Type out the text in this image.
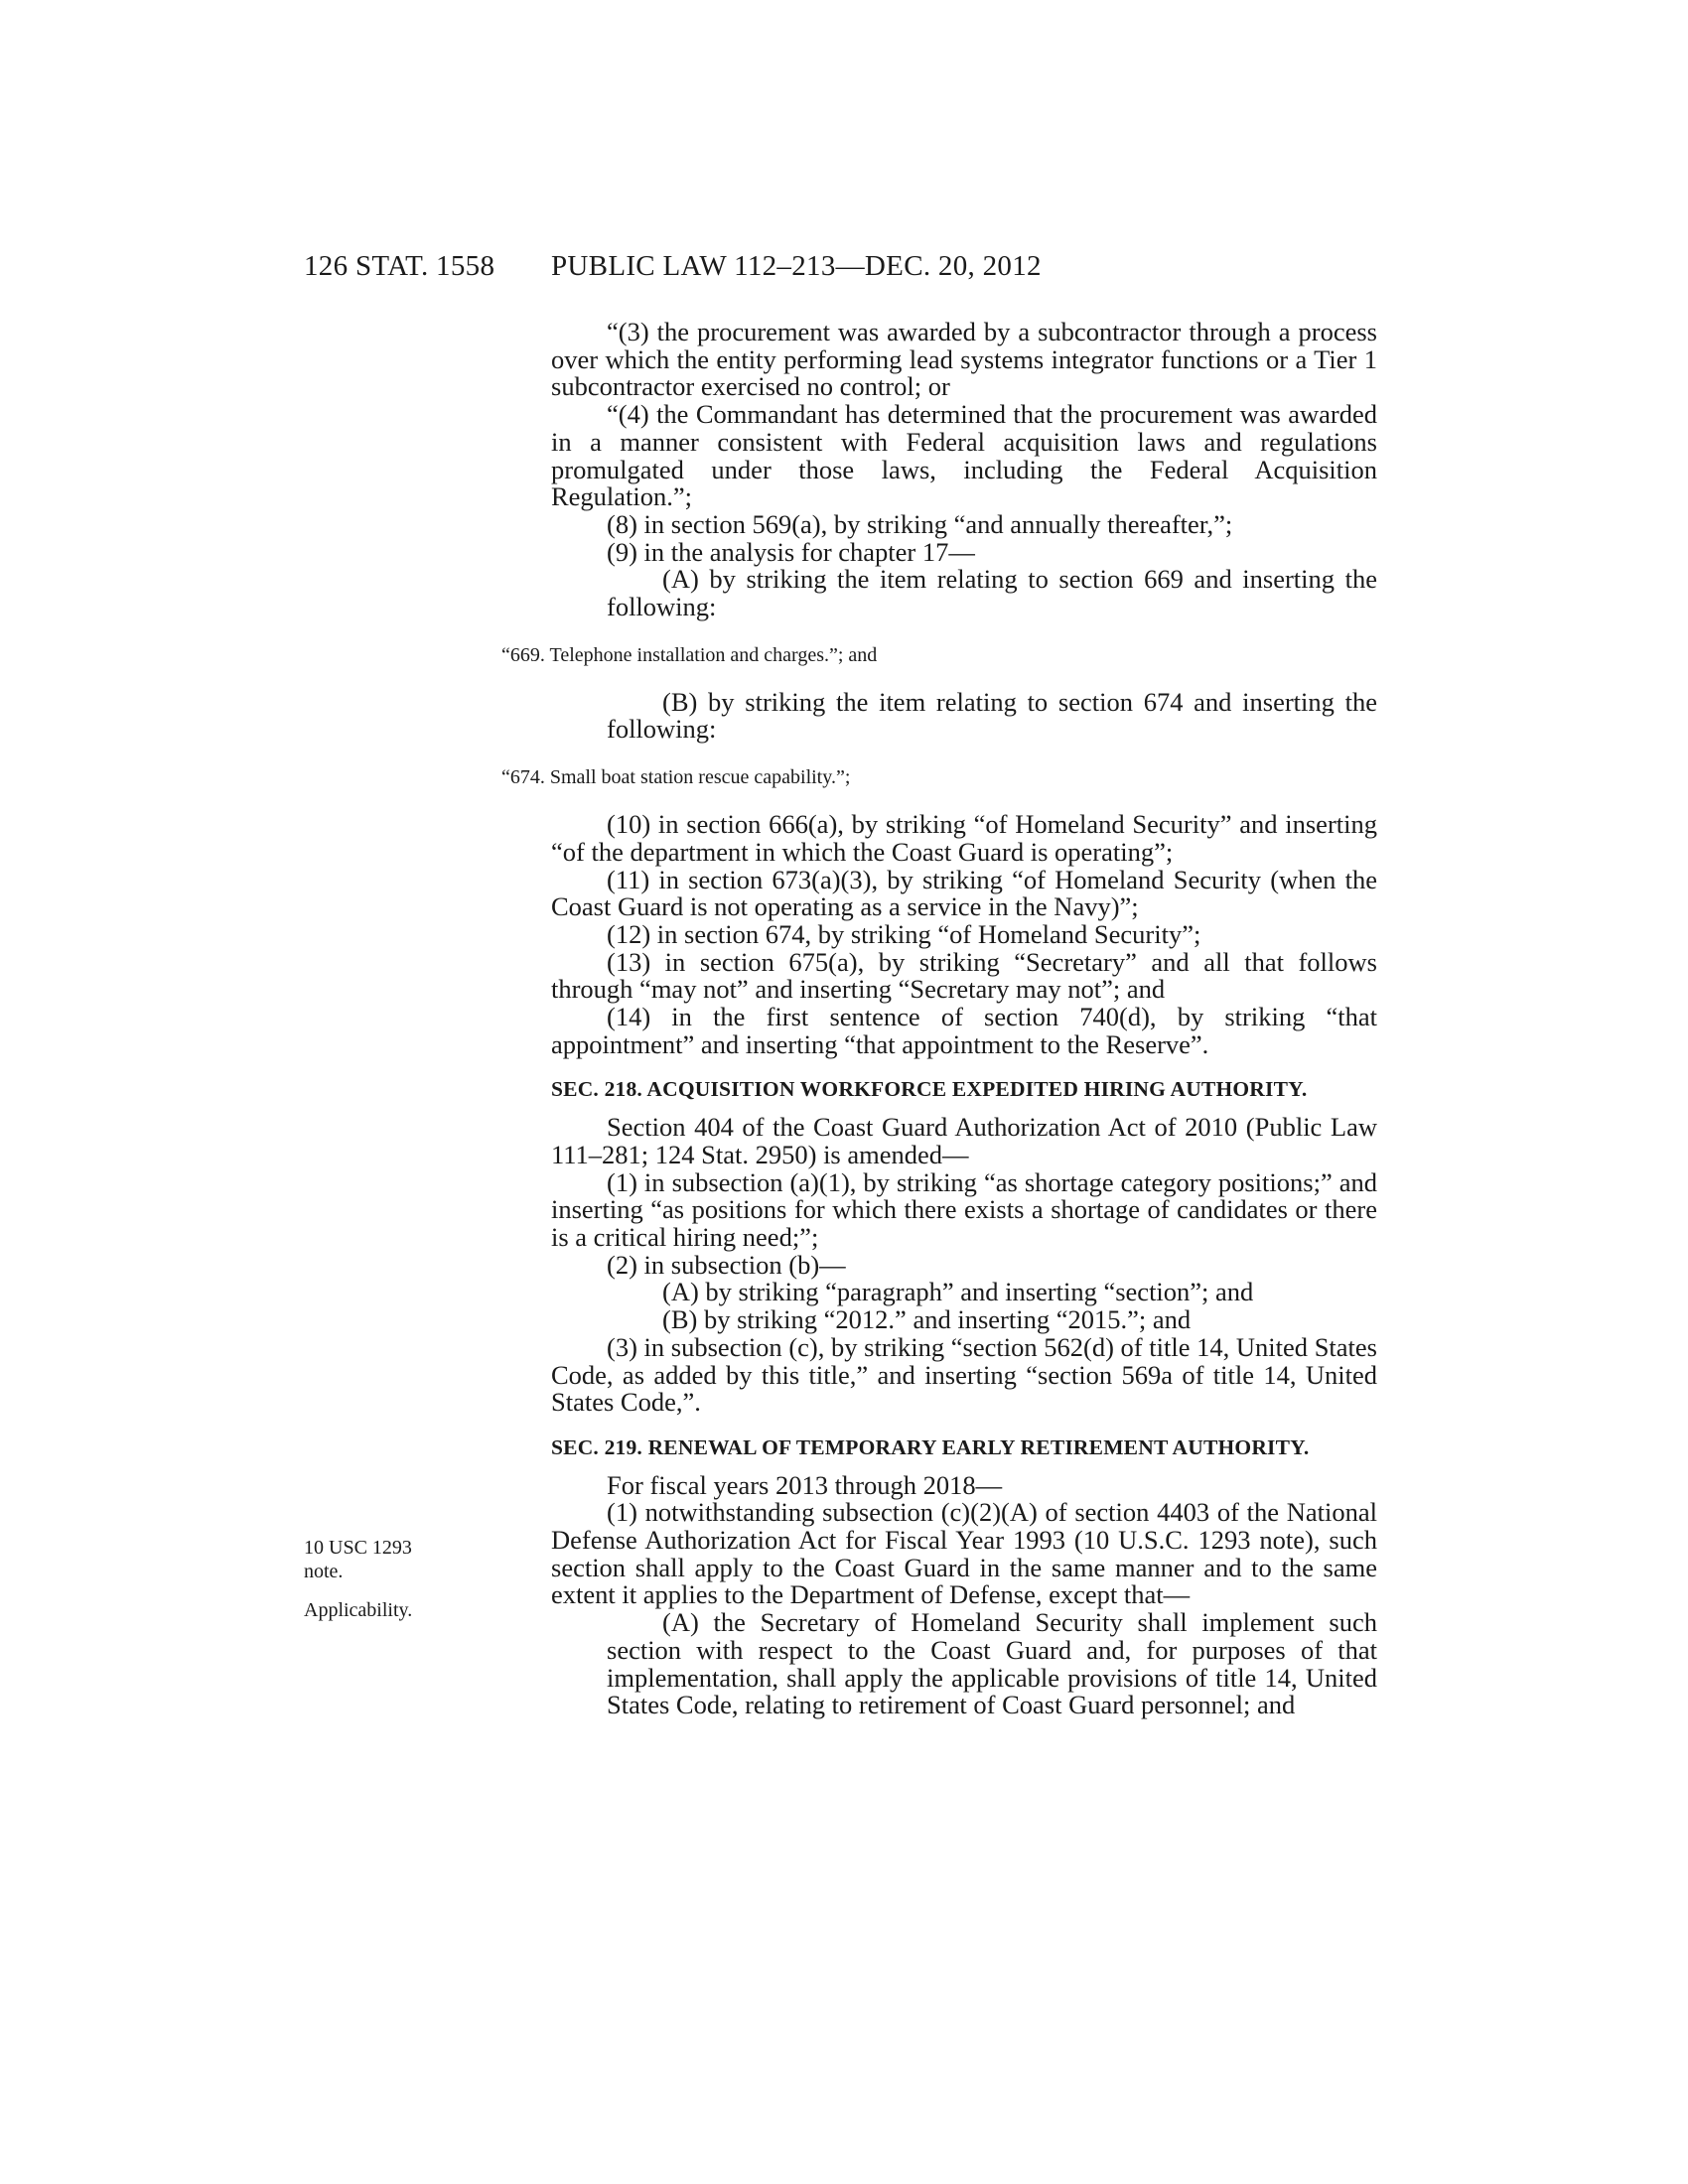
126 STAT. 1558 PUBLIC LAW 112–213—DEC. 20, 2012
10 USC 1293 note.
Applicability.

“(3) the procurement was awarded by a subcontractor through a process over which the entity performing lead systems integrator functions or a Tier 1 subcontractor exercised no control; or

“(4) the Commandant has determined that the procurement was awarded in a manner consistent with Federal acquisition laws and regulations promulgated under those laws, including the Federal Acquisition Regulation.”;

(8) in section 569(a), by striking “and annually thereafter,”;

(9) in the analysis for chapter 17—

(A) by striking the item relating to section 669 and inserting the following:

“669. Telephone installation and charges.”; and

(B) by striking the item relating to section 674 and inserting the following:

“674. Small boat station rescue capability.”;

(10) in section 666(a), by striking “of Homeland Security” and inserting “of the department in which the Coast Guard is operating”;

(11) in section 673(a)(3), by striking “of Homeland Security (when the Coast Guard is not operating as a service in the Navy)”;

(12) in section 674, by striking “of Homeland Security”;

(13) in section 675(a), by striking “Secretary” and all that follows through “may not” and inserting “Secretary may not”; and

(14) in the first sentence of section 740(d), by striking “that appointment” and inserting “that appointment to the Reserve”.

SEC. 218. ACQUISITION WORKFORCE EXPEDITED HIRING AUTHORITY.

Section 404 of the Coast Guard Authorization Act of 2010 (Public Law 111–281; 124 Stat. 2950) is amended—

(1) in subsection (a)(1), by striking “as shortage category positions;” and inserting “as positions for which there exists a shortage of candidates or there is a critical hiring need;”;

(2) in subsection (b)—

(A) by striking “paragraph” and inserting “section”; and

(B) by striking “2012.” and inserting “2015.”; and

(3) in subsection (c), by striking “section 562(d) of title 14, United States Code, as added by this title,” and inserting “section 569a of title 14, United States Code,”.

SEC. 219. RENEWAL OF TEMPORARY EARLY RETIREMENT AUTHORITY.

For fiscal years 2013 through 2018—

(1) notwithstanding subsection (c)(2)(A) of section 4403 of the National Defense Authorization Act for Fiscal Year 1993 (10 U.S.C. 1293 note), such section shall apply to the Coast Guard in the same manner and to the same extent it applies to the Department of Defense, except that—

(A) the Secretary of Homeland Security shall implement such section with respect to the Coast Guard and, for purposes of that implementation, shall apply the applicable provisions of title 14, United States Code, relating to retirement of Coast Guard personnel; and
